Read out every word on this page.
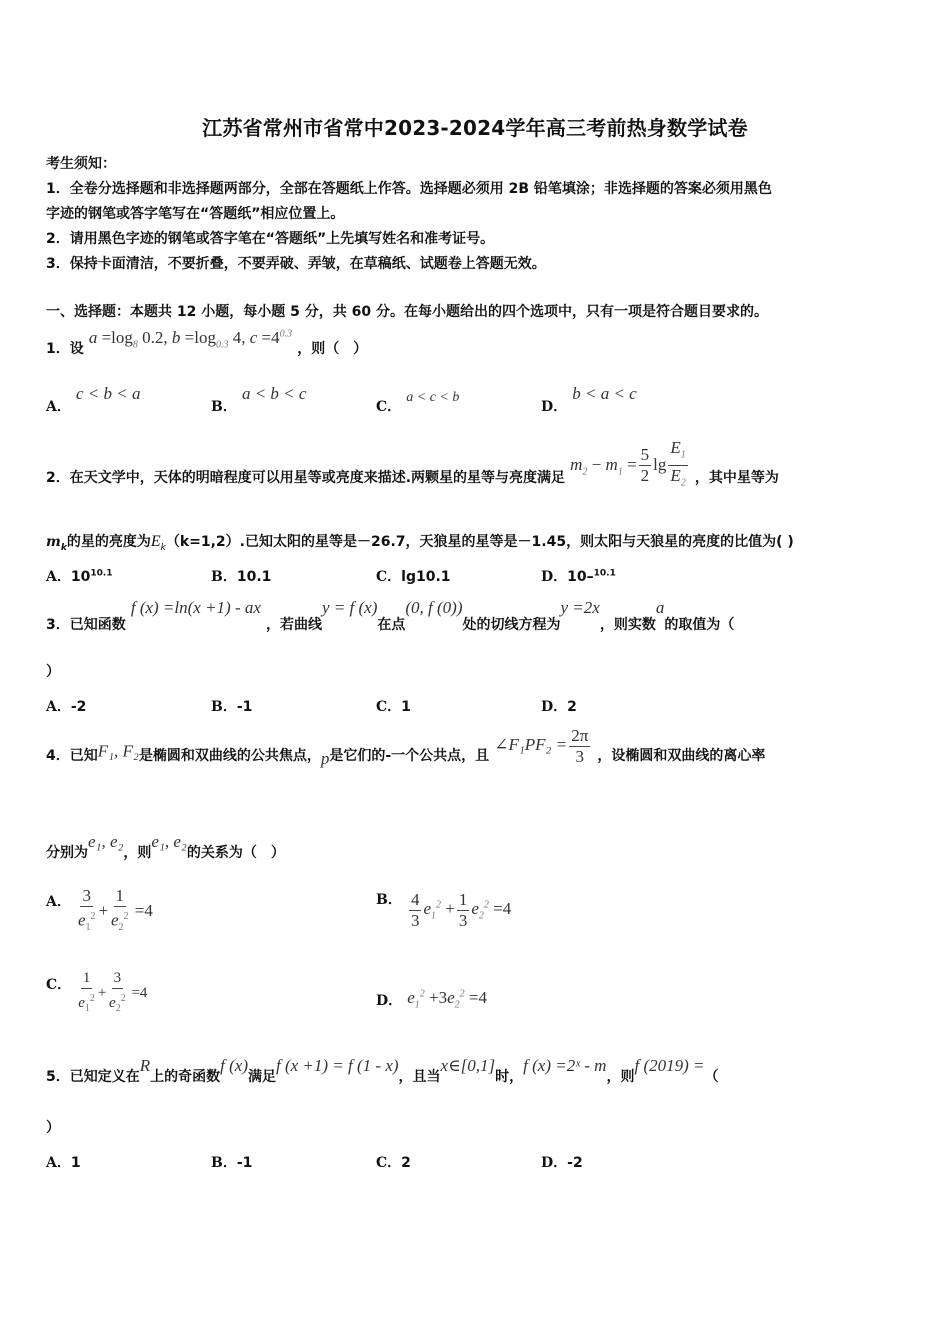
江苏省常州市省常中2023-2024学年高三考前热身数学试卷
考生须知：
1．全卷分选择题和非选择题两部分，全部在答题纸上作答。选择题必须用 2B 铅笔填涂；非选择题的答案必须用黑色
字迹的钢笔或答字笔写在“答题纸”相应位置上。
2．请用黑色字迹的钢笔或答字笔在“答题纸”上先填写姓名和准考证号。
3．保持卡面清洁，不要折叠，不要弄破、弄皱，在草稿纸、试题卷上答题无效。
一、选择题：本题共 12 小题，每小题 5 分，共 60 分。在每小题给出的四个选项中，只有一项是符合题目要求的。
1．设 $a =\log_8$ 0.2, $b =\log_{0.3}$ 4, $c =4^{0.3}$ ，则（　）
A． c < b < a
B． a < b < c
C． a < c < b
D． b < a < c
2．在天文学中，天体的明暗程度可以用星等或亮度来描述.两颗星的星等与亮度满足 $m_2 - m_1 = \frac{5}{2}$ $\lg \frac{E_1}{E_2}$ ，其中星等为
$m_k$的星的亮度为$E_k(k=1,2)$.已知太阳的星等是－26.7，天狼星的星等是－1.45，则太阳与天狼星的亮度的比值为( )
A．$10^{10.1}$	B．10.1	C．lg10.1	D．10–$^{10.1}$
3．已知函数 f (x) =ln(x +1) - ax ，若曲线y = f (x)在点(0, f (0))处的切线方程为y =2x，则实数a的取值为（
）
A．-2	B．-1	C．1	D．2
4．已知F₁, F₂是椭圆和双曲线的公共焦点，p是它们的-一个公共点，且 ∠F₁PF₂ = $\frac{2\pi}{3}$ ，设椭圆和双曲线的离心率
分别为e₁, e₂，则e₁, e₂的关系为（　）
A． $\frac{3}{e_1^2} + \frac{1}{e_2^2} =4$
B． $\frac{4}{3} e_1^2 + \frac{1}{3} e_2^2 =4$
C． $\frac{1}{e_1^2} + \frac{3}{e_2^2} =4$
D． $e_1^2 +3e_2^2 =4$
5．已知定义在R上的奇函数f (x)满足f (x +1) = f (1 - x)，且当x∈[0,1]时，f (x) =2ˣ - m，则f (2019) =（
）
A．1	B．-1	C．2	D．-2
